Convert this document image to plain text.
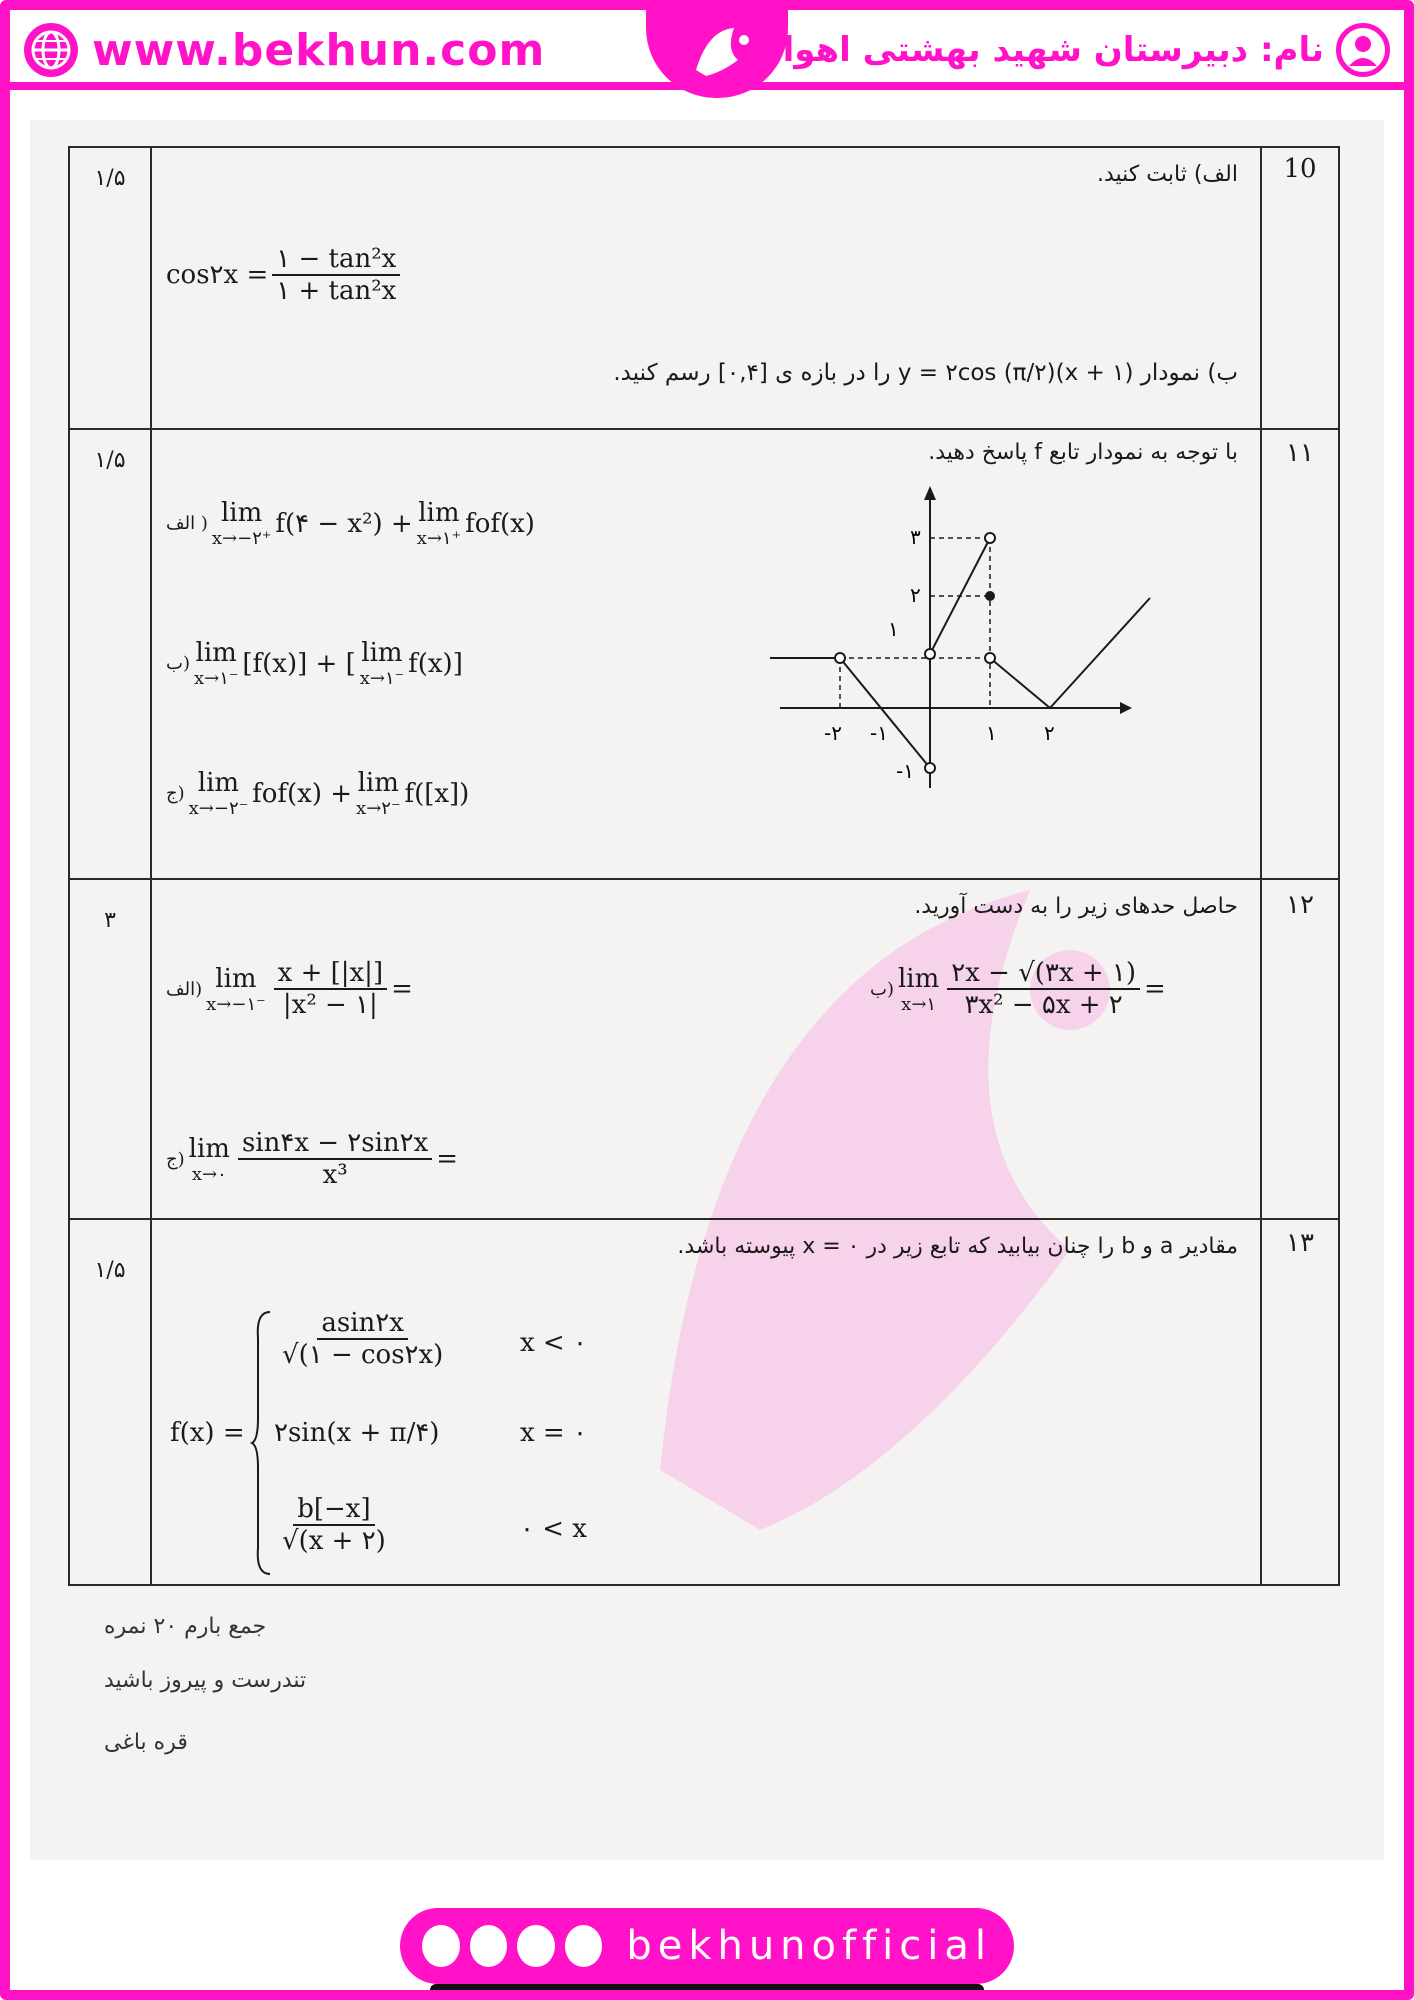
www.bekhun.com	نام: دبیرستان شهید بهشتی اهواز
10
۱/۵	الف) ثابت کنید.
cos۲x = $\frac{\text{۱ − tan²x}}{\text{۱ + tan²x}}$
ب) نمودار y = ۲cos (π/۲)(x + ۱) را در بازه ی [۰,۴] رسم کنید.
۱۱
۱/۵	با توجه به نمودار تابع f پاسخ دهید.
الف ) lim
x→−۲⁺ f(۴ − x²) + lim
x→۱⁺ fof(x)
ب) lim
x→۱⁻ [f(x)] + [ lim
x→۱⁻ f(x)]
ج) lim
x→−۲⁻ fof(x) + lim
x→۲⁻ f([x])
۳
۲
۱
-۱
-۲ -۱	۱ ۲
۱۲
۳
حاصل حدهای زیر را به دست آورید.
الف) lim
x→−۱⁻ $\frac{x + [|x|]}{\text{|x² − ۱|}}$ =	ب) lim
x→۱ $\frac{۲x - √(۳x + ۱)}{\text{۳x² − ۵x + ۲}}$ =
ج) lim
x→۰ $\frac{\sin ۴x - ۲\sin ۲x}{\text{x³}}$ =
۱۳
۱/۵
مقادیر a و b را چنان بیابید که تابع زیر در x = ۰ پیوسته باشد.
f(x) =
$\frac{asin۲x}{√(۱ - \cos ۲x)}$	x < ۰
۲sin(x + π/۴)	x = ۰
$\frac{b[-x]}{√(x + ۲)}$	۰ < x
جمع بارم ۲۰ نمره
تندرست و پیروز باشید
قره باغی
bekhunofficial
